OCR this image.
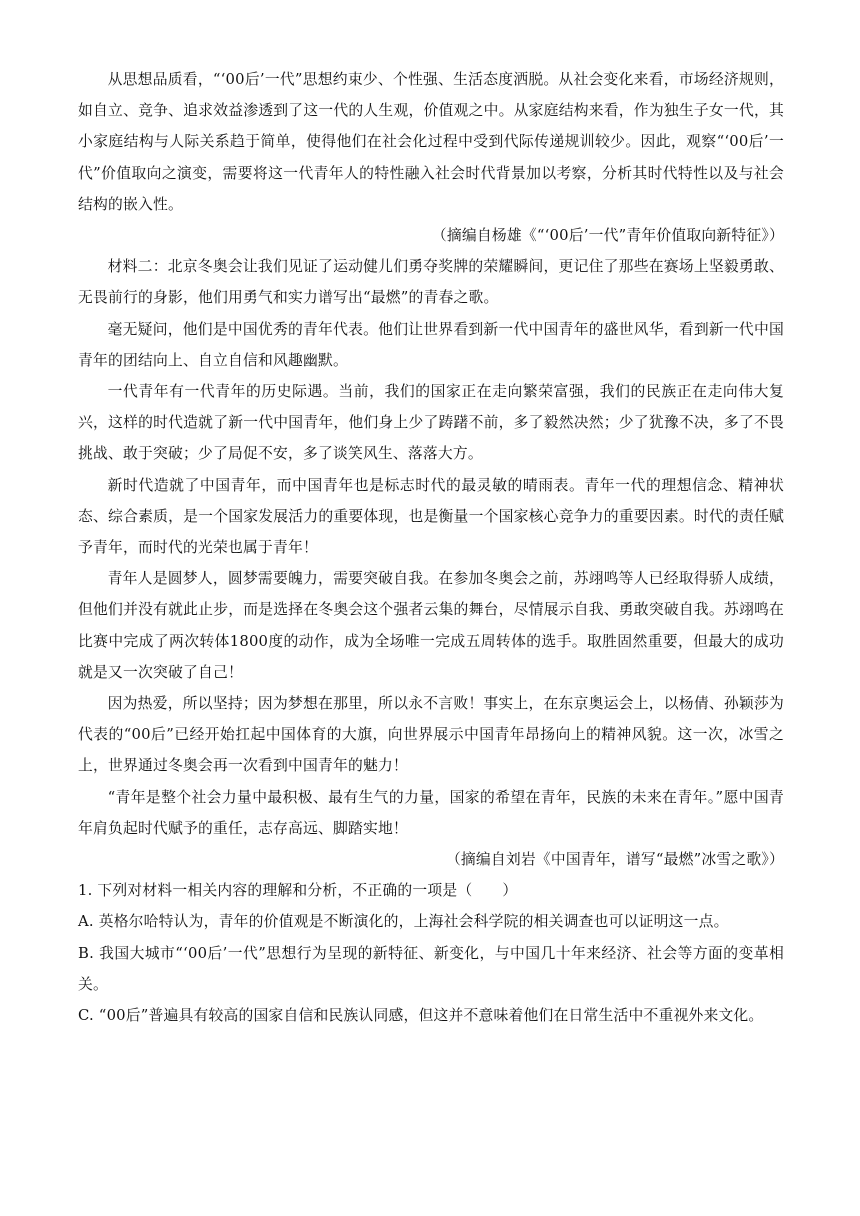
从思想品质看，“‘00后’一代”思想约束少、个性强、生活态度洒脱。从社会变化来看，市场经济规则，如自立、竞争、追求效益渗透到了这一代的人生观，价值观之中。从家庭结构来看，作为独生子女一代，其小家庭结构与人际关系趋于简单，使得他们在社会化过程中受到代际传递规训较少。因此，观察“‘00后’一代”价值取向之演变，需要将这一代青年人的特性融入社会时代背景加以考察，分析其时代特性以及与社会结构的嵌入性。

（摘编自杨雄《“‘00后’一代”青年价值取向新特征》）

材料二：北京冬奥会让我们见证了运动健儿们勇夺奖牌的荣耀瞬间，更记住了那些在赛场上坚毅勇敢、无畏前行的身影，他们用勇气和实力谱写出“最燃”的青春之歌。

毫无疑问，他们是中国优秀的青年代表。他们让世界看到新一代中国青年的盛世风华，看到新一代中国青年的团结向上、自立自信和风趣幽默。

一代青年有一代青年的历史际遇。当前，我们的国家正在走向繁荣富强，我们的民族正在走向伟大复兴，这样的时代造就了新一代中国青年，他们身上少了踌躇不前，多了毅然决然；少了犹豫不决，多了不畏挑战、敢于突破；少了局促不安，多了谈笑风生、落落大方。

新时代造就了中国青年，而中国青年也是标志时代的最灵敏的晴雨表。青年一代的理想信念、精神状态、综合素质，是一个国家发展活力的重要体现，也是衡量一个国家核心竞争力的重要因素。时代的责任赋予青年，而时代的光荣也属于青年！

青年人是圆梦人，圆梦需要魄力，需要突破自我。在参加冬奥会之前，苏翊鸣等人已经取得骄人成绩，但他们并没有就此止步，而是选择在冬奥会这个强者云集的舞台，尽情展示自我、勇敢突破自我。苏翊鸣在比赛中完成了两次转体1800度的动作，成为全场唯一完成五周转体的选手。取胜固然重要，但最大的成功就是又一次突破了自己！

因为热爱，所以坚持；因为梦想在那里，所以永不言败！事实上，在东京奥运会上，以杨倩、孙颖莎为代表的“00后”已经开始扛起中国体育的大旗，向世界展示中国青年昂扬向上的精神风貌。这一次，冰雪之上，世界通过冬奥会再一次看到中国青年的魅力！

“青年是整个社会力量中最积极、最有生气的力量，国家的希望在青年，民族的未来在青年。”愿中国青年肩负起时代赋予的重任，志存高远、脚踏实地！

（摘编自刘岩《中国青年，谱写“最燃”冰雪之歌》）

1. 下列对材料一相关内容的理解和分析，不正确的一项是（　　）

A. 英格尔哈特认为，青年的价值观是不断演化的，上海社会科学院的相关调查也可以证明这一点。

B. 我国大城市“‘00后’一代”思想行为呈现的新特征、新变化，与中国几十年来经济、社会等方面的变革相关。

C. “00后”普遍具有较高的国家自信和民族认同感，但这并不意味着他们在日常生活中不重视外来文化。
